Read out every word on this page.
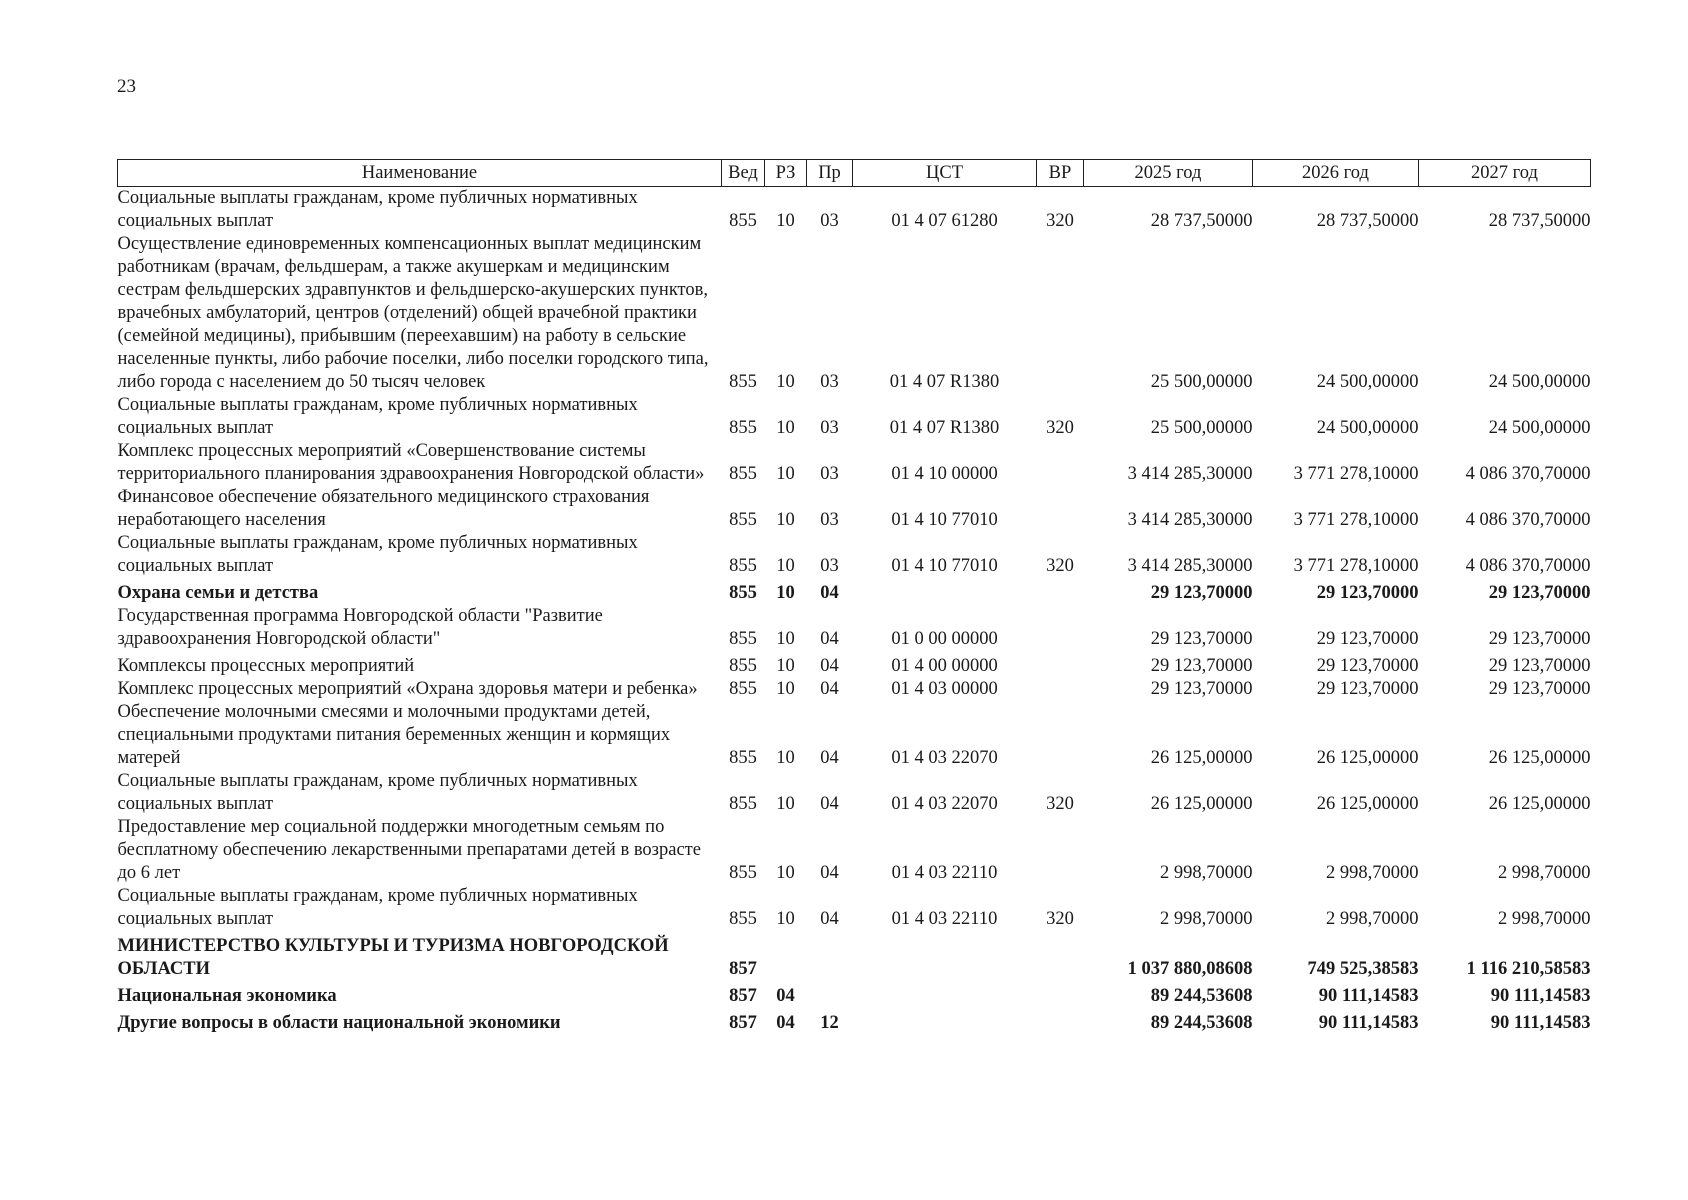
23
Наименование	Вед	РЗ	Пр	ЦСТ	ВР	2025 год	2026 год	2027 год
Социальные выплаты гражданам, кроме публичных нормативных социальных выплат	855	10	03	01 4 07 61280	320	28 737,50000	28 737,50000	28 737,50000
Осуществление единовременных компенсационных выплат медицинским работникам (врачам, фельдшерам, а также акушеркам и медицинским сестрам фельдшерских здравпунктов и фельдшерско-акушерских пунктов, врачебных амбулаторий, центров (отделений) общей врачебной практики (семейной медицины), прибывшим (переехавшим) на работу в сельские населенные пункты, либо рабочие поселки, либо поселки городского типа, либо города с населением до 50 тысяч человек	855	10	03	01 4 07 R1380		25 500,00000	24 500,00000	24 500,00000
Социальные выплаты гражданам, кроме публичных нормативных социальных выплат	855	10	03	01 4 07 R1380	320	25 500,00000	24 500,00000	24 500,00000
Комплекс процессных мероприятий «Совершенствование системы территориального планирования здравоохранения Новгородской области»	855	10	03	01 4 10 00000		3 414 285,30000	3 771 278,10000	4 086 370,70000
Финансовое обеспечение обязательного медицинского страхования неработающего населения	855	10	03	01 4 10 77010		3 414 285,30000	3 771 278,10000	4 086 370,70000
Социальные выплаты гражданам, кроме публичных нормативных социальных выплат	855	10	03	01 4 10 77010	320	3 414 285,30000	3 771 278,10000	4 086 370,70000
Охрана семьи и детства	855	10	04			29 123,70000	29 123,70000	29 123,70000
Государственная программа Новгородской области "Развитие здравоохранения Новгородской области"	855	10	04	01 0 00 00000		29 123,70000	29 123,70000	29 123,70000
Комплексы процессных мероприятий	855	10	04	01 4 00 00000		29 123,70000	29 123,70000	29 123,70000
Комплекс процессных мероприятий «Охрана здоровья матери и ребенка»	855	10	04	01 4 03 00000		29 123,70000	29 123,70000	29 123,70000
Обеспечение молочными смесями и молочными продуктами детей, специальными продуктами питания беременных женщин и кормящих матерей	855	10	04	01 4 03 22070		26 125,00000	26 125,00000	26 125,00000
Социальные выплаты гражданам, кроме публичных нормативных социальных выплат	855	10	04	01 4 03 22070	320	26 125,00000	26 125,00000	26 125,00000
Предоставление мер социальной поддержки многодетным семьям по бесплатному обеспечению лекарственными препаратами детей в возрасте до 6 лет	855	10	04	01 4 03 22110		2 998,70000	2 998,70000	2 998,70000
Социальные выплаты гражданам, кроме публичных нормативных социальных выплат	855	10	04	01 4 03 22110	320	2 998,70000	2 998,70000	2 998,70000
МИНИСТЕРСТВО КУЛЬТУРЫ И ТУРИЗМА НОВГОРОДСКОЙ ОБЛАСТИ	857					1 037 880,08608	749 525,38583	1 116 210,58583
Национальная экономика	857	04				89 244,53608	90 111,14583	90 111,14583
Другие вопросы в области национальной экономики	857	04	12			89 244,53608	90 111,14583	90 111,14583
